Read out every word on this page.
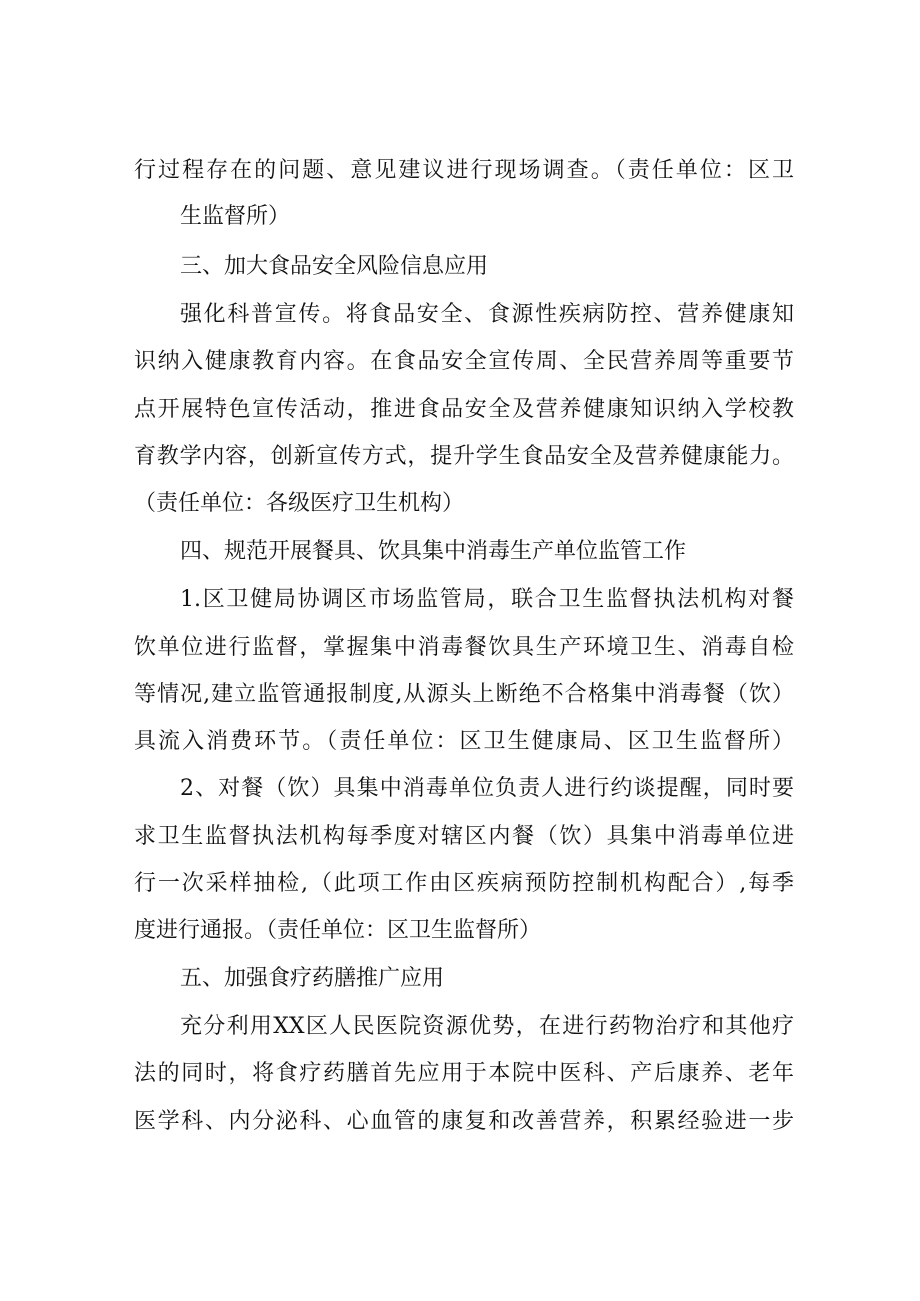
行过程存在的问题、意见建议进行现场调查。（责任单位：区卫

生监督所）

三、加大食品安全风险信息应用

强化科普宣传。将食品安全、食源性疾病防控、营养健康知

识纳入健康教育内容。在食品安全宣传周、全民营养周等重要节

点开展特色宣传活动，推进食品安全及营养健康知识纳入学校教

育教学内容，创新宣传方式，提升学生食品安全及营养健康能力。

（责任单位：各级医疗卫生机构）

四、规范开展餐具、饮具集中消毒生产单位监管工作

1.区卫健局协调区市场监管局，联合卫生监督执法机构对餐

饮单位进行监督，掌握集中消毒餐饮具生产环境卫生、消毒自检

等情况,建立监管通报制度,从源头上断绝不合格集中消毒餐（饮）

具流入消费环节。（责任单位：区卫生健康局、区卫生监督所）

2、对餐（饮）具集中消毒单位负责人进行约谈提醒，同时要

求卫生监督执法机构每季度对辖区内餐（饮）具集中消毒单位进

行一次采样抽检,（此项工作由区疾病预防控制机构配合）,每季

度进行通报。（责任单位：区卫生监督所）

五、加强食疗药膳推广应用

充分利用XX区人民医院资源优势，在进行药物治疗和其他疗

法的同时，将食疗药膳首先应用于本院中医科、产后康养、老年

医学科、内分泌科、心血管的康复和改善营养，积累经验进一步
